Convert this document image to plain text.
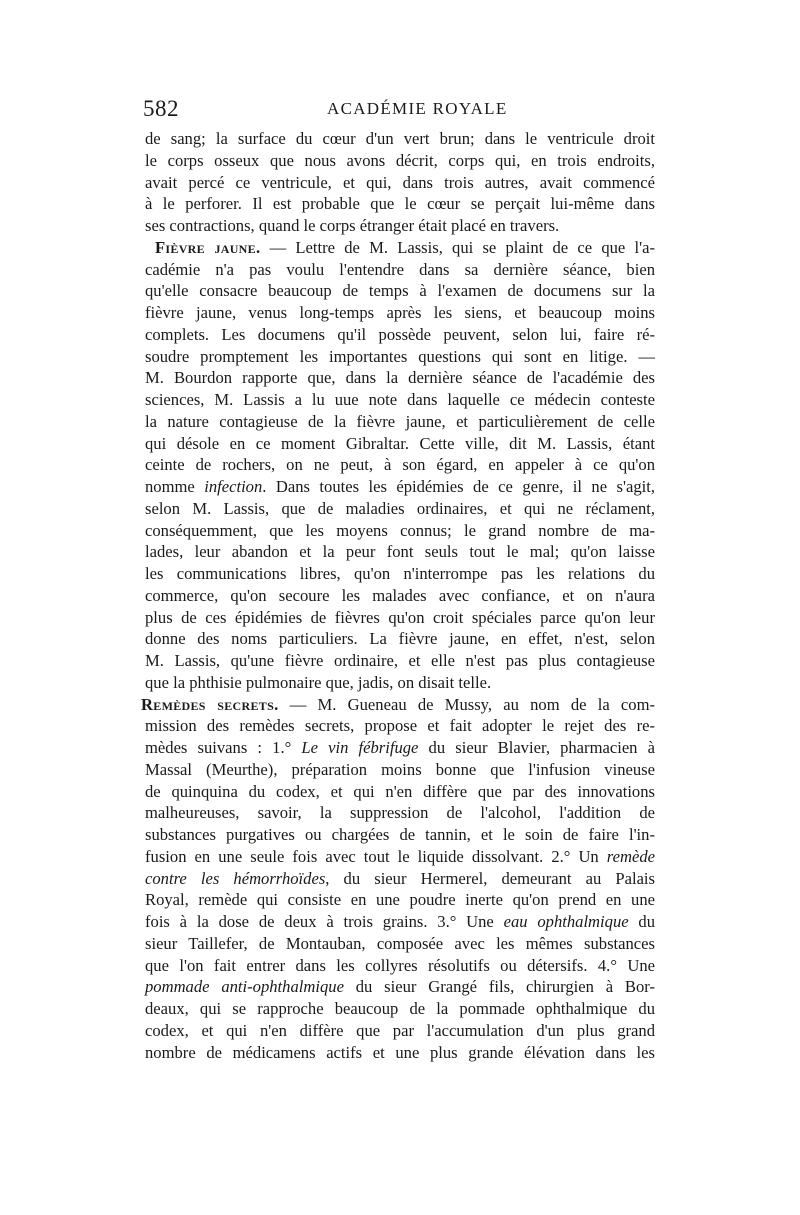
582	ACADÉMIE ROYALE
de sang; la surface du cœur d'un vert brun; dans le ventricule droit
le corps osseux que nous avons décrit, corps qui, en trois endroits,
avait percé ce ventricule, et qui, dans trois autres, avait commencé
à le perforer. Il est probable que le cœur se perçait lui-même dans
ses contractions, quand le corps étranger était placé en travers.
Fièvre jaune. — Lettre de M. Lassis, qui se plaint de ce que l'a-
cadémie n'a pas voulu l'entendre dans sa dernière séance, bien
qu'elle consacre beaucoup de temps à l'examen de documens sur la
fièvre jaune, venus long-temps après les siens, et beaucoup moins
complets. Les documens qu'il possède peuvent, selon lui, faire ré-
soudre promptement les importantes questions qui sont en litige. —
M. Bourdon rapporte que, dans la dernière séance de l'académie des
sciences, M. Lassis a lu uue note dans laquelle ce médecin conteste
la nature contagieuse de la fièvre jaune, et particulièrement de celle
qui désole en ce moment Gibraltar. Cette ville, dit M. Lassis, étant
ceinte de rochers, on ne peut, à son égard, en appeler à ce qu'on
nomme infection. Dans toutes les épidémies de ce genre, il ne s'agit,
selon M. Lassis, que de maladies ordinaires, et qui ne réclament,
conséquemment, que les moyens connus; le grand nombre de ma-
lades, leur abandon et la peur font seuls tout le mal; qu'on laisse
les communications libres, qu'on n'interrompe pas les relations du
commerce, qu'on secoure les malades avec confiance, et on n'aura
plus de ces épidémies de fièvres qu'on croit spéciales parce qu'on leur
donne des noms particuliers. La fièvre jaune, en effet, n'est, selon
M. Lassis, qu'une fièvre ordinaire, et elle n'est pas plus contagieuse
que la phthisie pulmonaire que, jadis, on disait telle.
Remèdes secrets. — M. Gueneau de Mussy, au nom de la com-
mission des remèdes secrets, propose et fait adopter le rejet des re-
mèdes suivans : 1.° Le vin fébrifuge du sieur Blavier, pharmacien à
Massal (Meurthe), préparation moins bonne que l'infusion vineuse
de quinquina du codex, et qui n'en diffère que par des innovations
malheureuses, savoir, la suppression de l'alcohol, l'addition de
substances purgatives ou chargées de tannin, et le soin de faire l'in-
fusion en une seule fois avec tout le liquide dissolvant. 2.° Un remède
contre les hémorrhoïdes, du sieur Hermerel, demeurant au Palais
Royal, remède qui consiste en une poudre inerte qu'on prend en une
fois à la dose de deux à trois grains. 3.° Une eau ophthalmique du
sieur Taillefer, de Montauban, composée avec les mêmes substances
que l'on fait entrer dans les collyres résolutifs ou détersifs. 4.° Une
pommade anti-ophthalmique du sieur Grangé fils, chirurgien à Bor-
deaux, qui se rapproche beaucoup de la pommade ophthalmique du
codex, et qui n'en diffère que par l'accumulation d'un plus grand
nombre de médicamens actifs et une plus grande élévation dans les
